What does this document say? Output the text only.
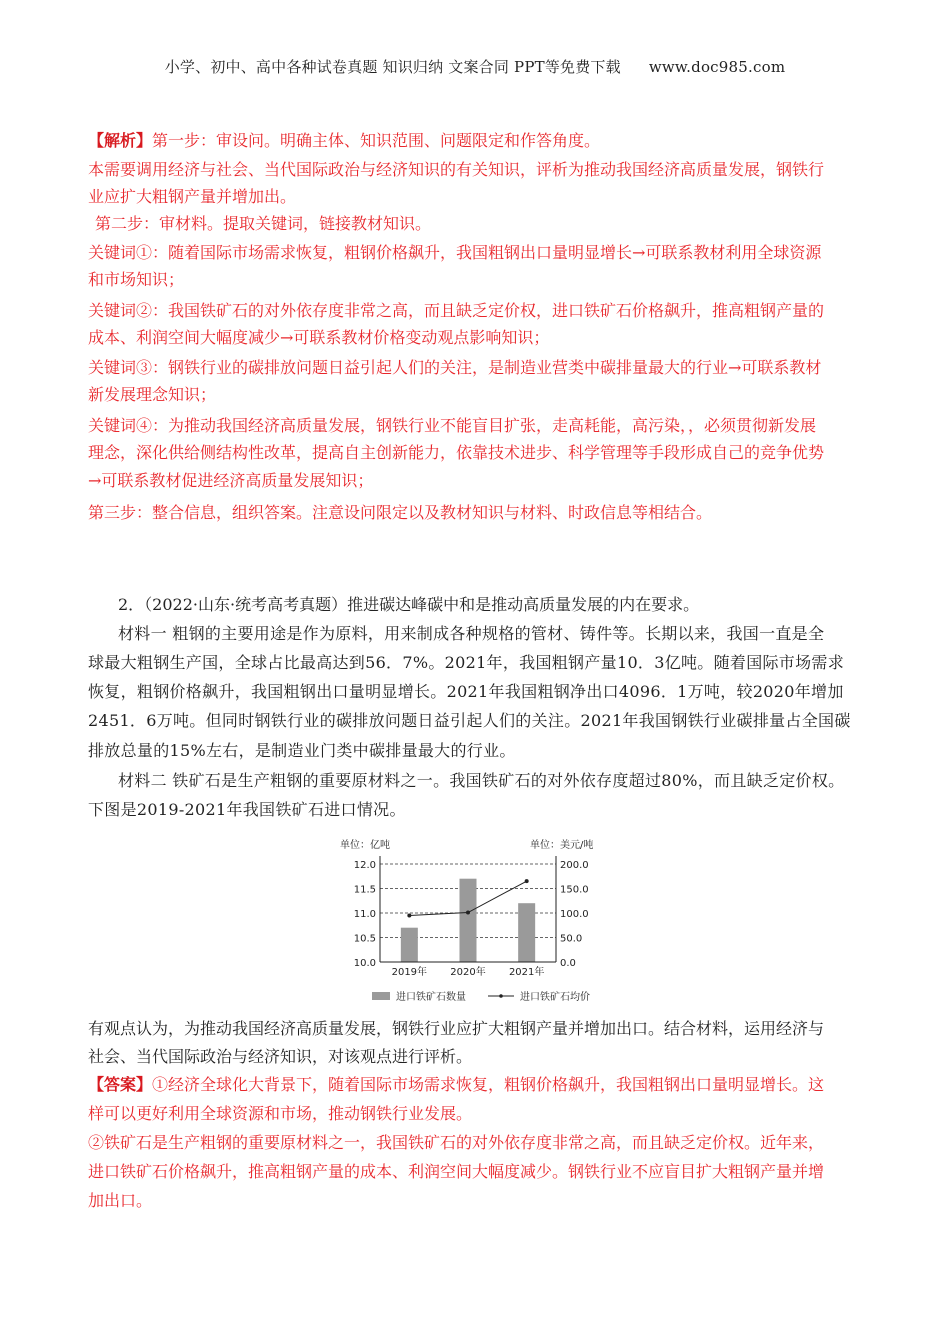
小学、初中、高中各种试卷真题 知识归纳 文案合同 PPT等免费下载 www.doc985.com
【解析】第一步：审设问。明确主体、知识范围、问题限定和作答角度。
本需要调用经济与社会、当代国际政治与经济知识的有关知识，评析为推动我国经济高质量发展，钢铁行
业应扩大粗钢产量并增加出。
第二步：审材料。提取关键词，链接教材知识。
关键词①：随着国际市场需求恢复，粗钢价格飙升，我国粗钢出口量明显增长→可联系教材利用全球资源
和市场知识；
关键词②：我国铁矿石的对外依存度非常之高，而且缺乏定价权，进口铁矿石价格飙升，推高粗钢产量的
成本、利润空间大幅度减少→可联系教材价格变动观点影响知识；
关键词③：钢铁行业的碳排放问题日益引起人们的关注，是制造业营类中碳排量最大的行业→可联系教材
新发展理念知识；
关键词④：为推动我国经济高质量发展，钢铁行业不能盲目扩张，走高耗能，高污染，，必须贯彻新发展
理念，深化供给侧结构性改革，提高自主创新能力，依靠技术进步、科学管理等手段形成自己的竞争优势
→可联系教材促进经济高质量发展知识；
第三步：整合信息，组织答案。注意设问限定以及教材知识与材料、时政信息等相结合。
2．（2022·山东·统考高考真题）推进碳达峰碳中和是推动高质量发展的内在要求。
材料一 粗钢的主要用途是作为原料，用来制成各种规格的管材、铸件等。长期以来，我国一直是全
球最大粗钢生产国，全球占比最高达到56．7%。2021年，我国粗钢产量10．3亿吨。随着国际市场需求
恢复，粗钢价格飙升，我国粗钢出口量明显增长。2021年我国粗钢净出口4096．1万吨，较2020年增加
2451．6万吨。但同时钢铁行业的碳排放问题日益引起人们的关注。2021年我国钢铁行业碳排量占全国碳
排放总量的15%左右，是制造业门类中碳排量最大的行业。
材料二 铁矿石是生产粗钢的重要原材料之一。我国铁矿石的对外依存度超过80%，而且缺乏定价权。
下图是2019-2021年我国铁矿石进口情况。
单位：亿吨	单位：美元/吨
12.0	200.0
11.5	150.0
11.0	100.0
10.5	50.0
10.0	0.0
2019年 2020年 2021年
进口铁矿石数量	进口铁矿石均价
有观点认为，为推动我国经济高质量发展，钢铁行业应扩大粗钢产量并增加出口。结合材料，运用经济与
社会、当代国际政治与经济知识，对该观点进行评析。
【答案】①经济全球化大背景下，随着国际市场需求恢复，粗钢价格飙升，我国粗钢出口量明显增长。这
样可以更好利用全球资源和市场，推动钢铁行业发展。
②铁矿石是生产粗钢的重要原材料之一，我国铁矿石的对外依存度非常之高，而且缺乏定价权。近年来，
进口铁矿石价格飙升，推高粗钢产量的成本、利润空间大幅度减少。钢铁行业不应盲目扩大粗钢产量并增
加出口。
